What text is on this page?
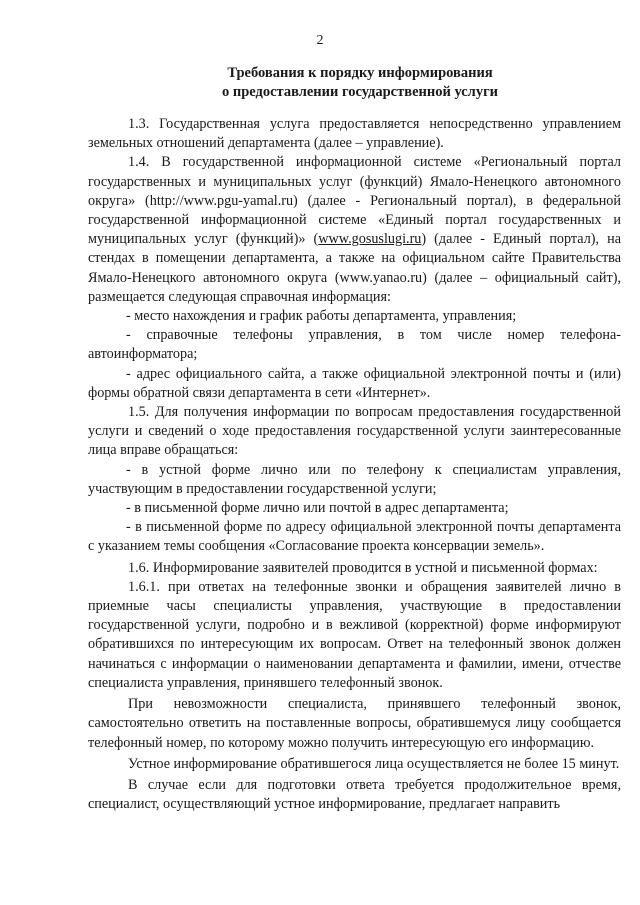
2
Требования к порядку информирования
о предоставлении государственной услуги

1.3. Государственная услуга предоставляется непосредственно управлением земельных отношений департамента (далее – управление).

1.4. В государственной информационной системе «Региональный портал государственных и муниципальных услуг (функций) Ямало-Ненецкого автономного округа» (http://www.pgu-yamal.ru) (далее - Региональный портал), в федеральной государственной информационной системе «Единый портал государственных и муниципальных услуг (функций)» (www.gosuslugi.ru) (далее - Единый портал), на стендах в помещении департамента, а также на официальном сайте Правительства Ямало-Ненецкого автономного округа (www.yanao.ru) (далее – официальный сайт), размещается следующая справочная информация:

- место нахождения и график работы департамента, управления;

- справочные телефоны управления, в том числе номер телефона-автоинформатора;

- адрес официального сайта, а также официальной электронной почты и (или) формы обратной связи департамента в сети «Интернет».

1.5. Для получения информации по вопросам предоставления государственной услуги и сведений о ходе предоставления государственной услуги заинтересованные лица вправе обращаться:

- в устной форме лично или по телефону к специалистам управления, участвующим в предоставлении государственной услуги;

- в письменной форме лично или почтой в адрес департамента;

- в письменной форме по адресу официальной электронной почты департамента с указанием темы сообщения «Согласование проекта консервации земель».

1.6. Информирование заявителей проводится в устной и письменной формах:

1.6.1. при ответах на телефонные звонки и обращения заявителей лично в приемные часы специалисты управления, участвующие в предоставлении государственной услуги, подробно и в вежливой (корректной) форме информируют обратившихся по интересующим их вопросам. Ответ на телефонный звонок должен начинаться с информации о наименовании департамента и фамилии, имени, отчестве специалиста управления, принявшего телефонный звонок.

При невозможности специалиста, принявшего телефонный звонок, самостоятельно ответить на поставленные вопросы, обратившемуся лицу сообщается телефонный номер, по которому можно получить интересующую его информацию.

Устное информирование обратившегося лица осуществляется не более 15 минут.

В случае если для подготовки ответа требуется продолжительное время, специалист, осуществляющий устное информирование, предлагает направить
